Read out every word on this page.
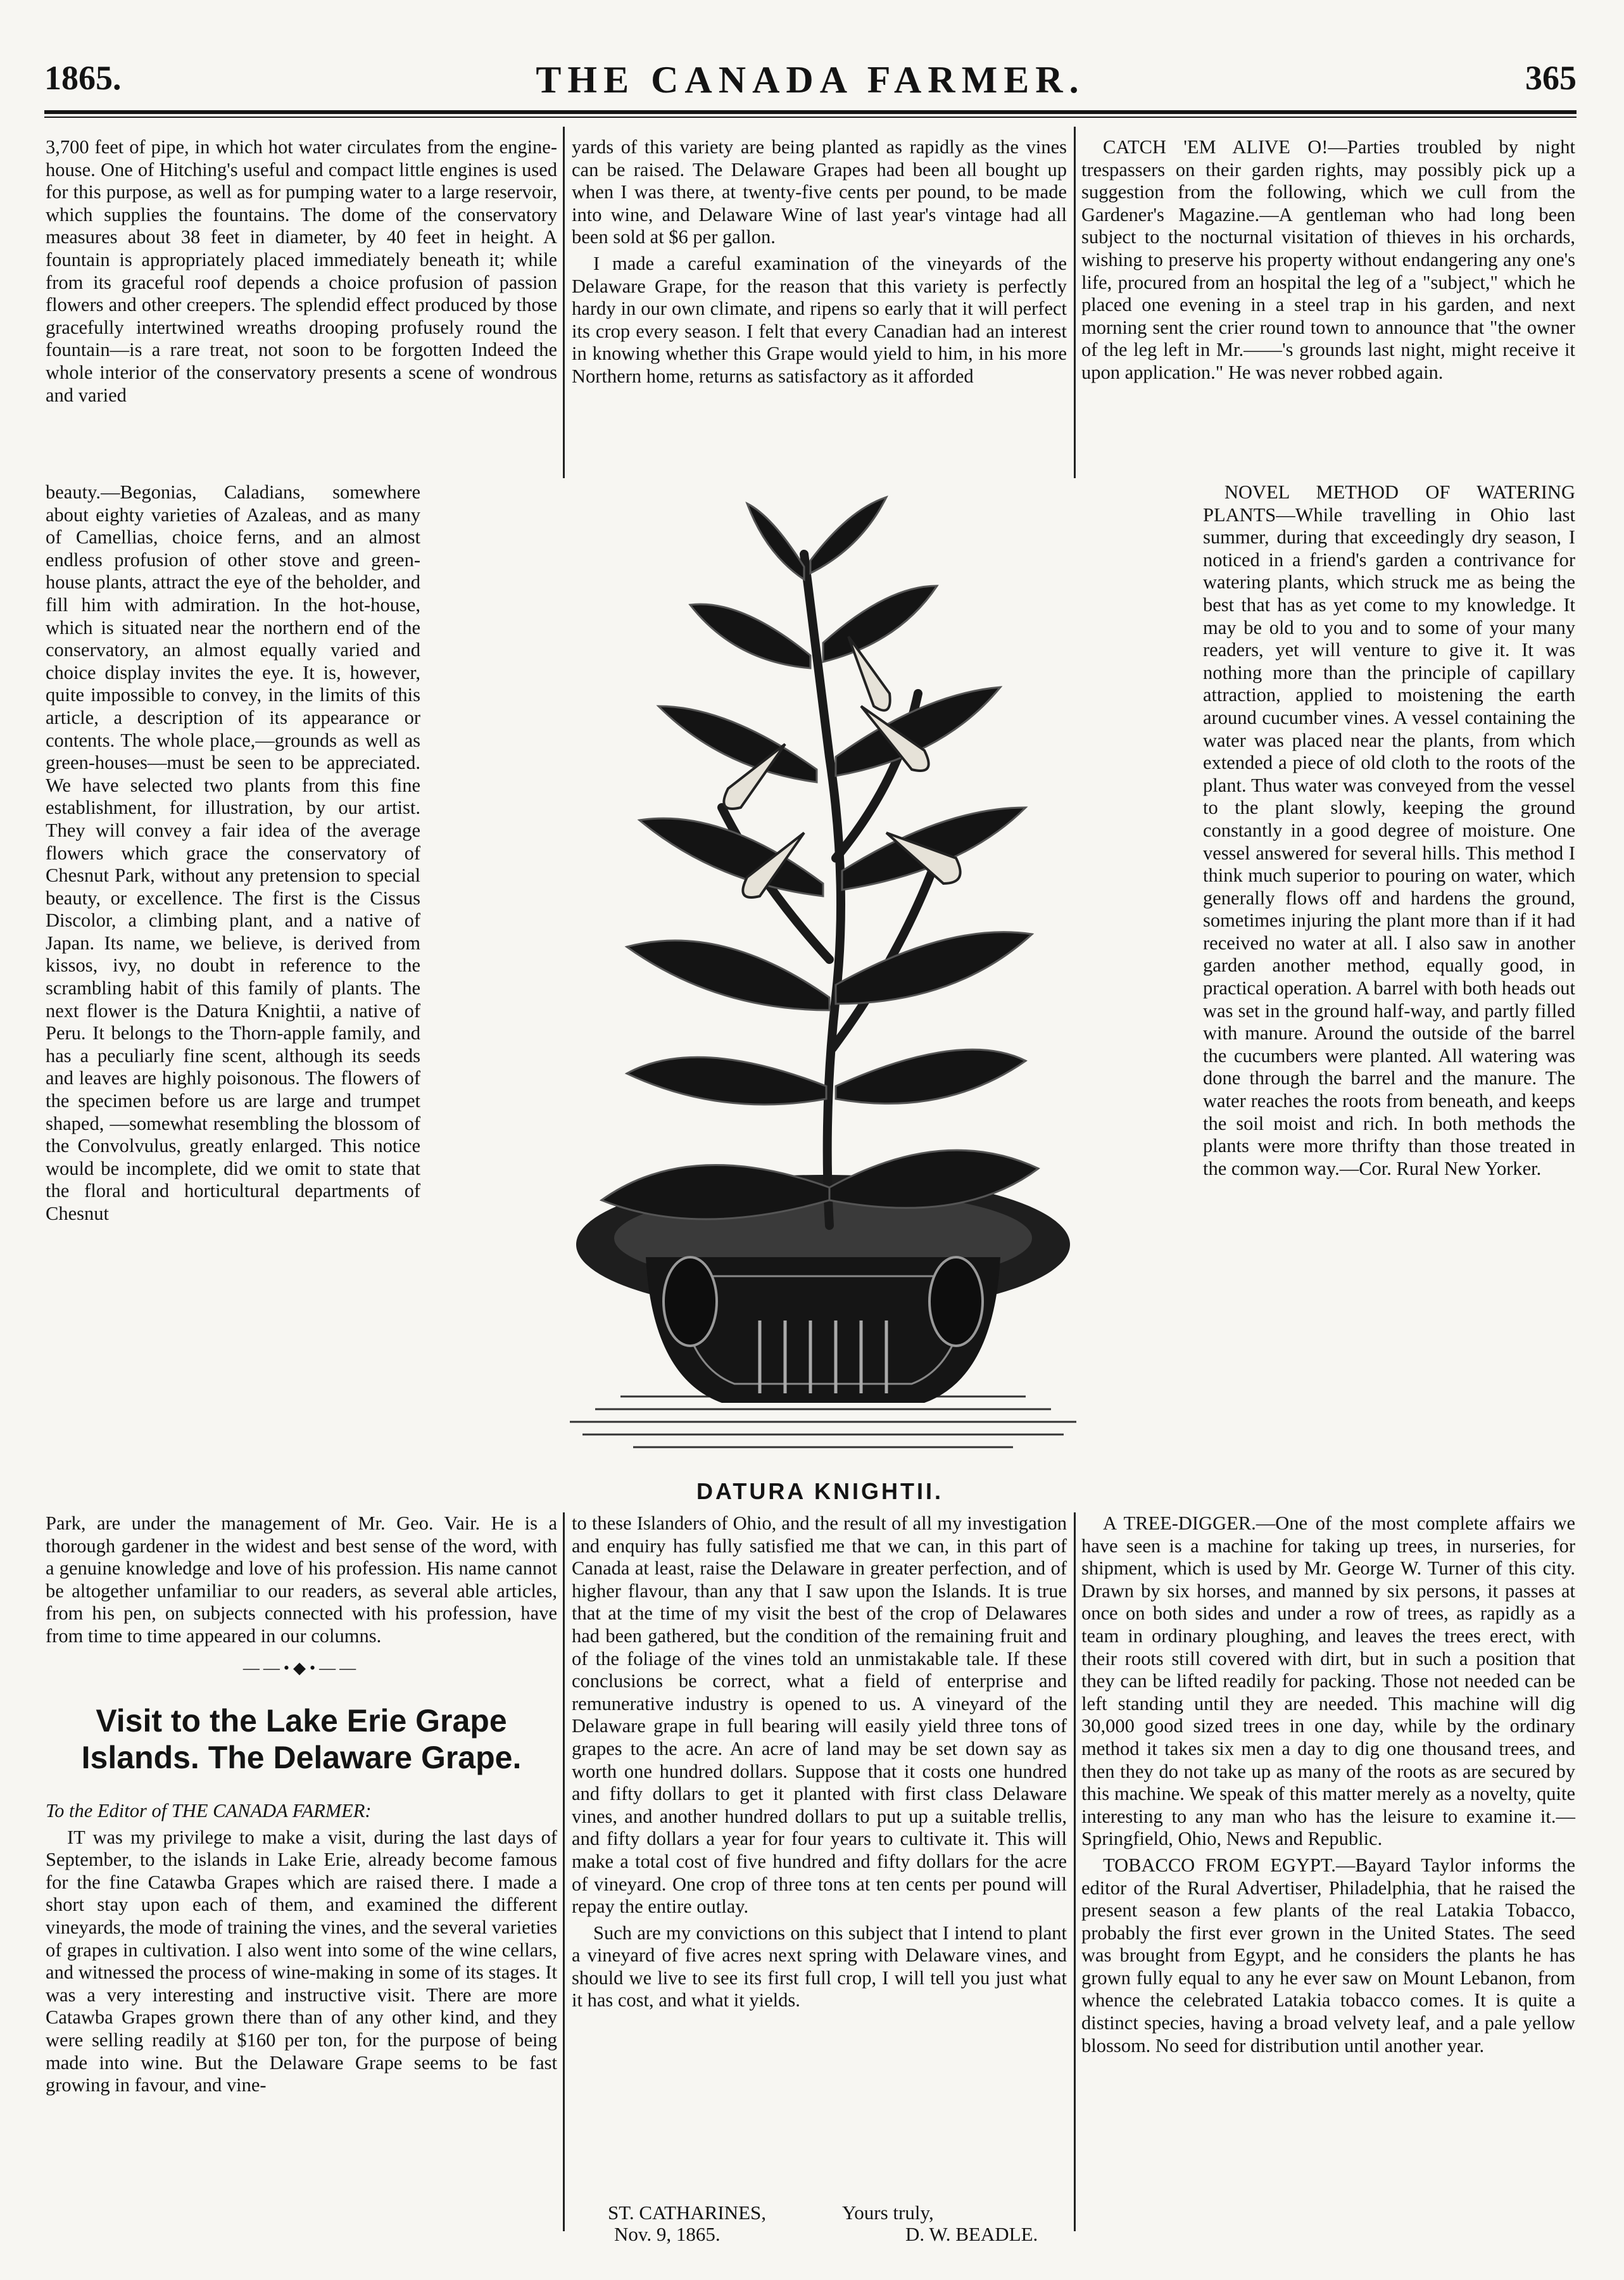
1865.	THE CANADA FARMER.	365

3,700 feet of pipe, in which hot water circulates from the engine-house. One of Hitching's useful and compact little engines is used for this purpose, as well as for pumping water to a large reservoir, which supplies the fountains. The dome of the conservatory measures about 38 feet in diameter, by 40 feet in height. A fountain is appropriately placed immediately beneath it; while from its graceful roof depends a choice profusion of passion flowers and other creepers. The splendid effect produced by those gracefully intertwined wreaths drooping profusely round the fountain—is a rare treat, not soon to be forgotten Indeed the whole interior of the conservatory presents a scene of wondrous and varied

beauty.—Begonias, Caladians, somewhere about eighty varieties of Azaleas, and as many of Camellias, choice ferns, and an almost endless profusion of other stove and green-house plants, attract the eye of the beholder, and fill him with admiration. In the hot-house, which is situated near the northern end of the conservatory, an almost equally varied and choice display invites the eye. It is, however, quite impossible to convey, in the limits of this article, a description of its appearance or contents. The whole place,—grounds as well as green-houses—must be seen to be appreciated. We have selected two plants from this fine establishment, for illustration, by our artist. They will convey a fair idea of the average flowers which grace the conservatory of Chesnut Park, without any pretension to special beauty, or excellence. The first is the Cissus Discolor, a climbing plant, and a native of Japan. Its name, we believe, is derived from kissos, ivy, no doubt in reference to the scrambling habit of this family of plants. The next flower is the Datura Knightii, a native of Peru. It belongs to the Thorn-apple family, and has a peculiarly fine scent, although its seeds and leaves are highly poisonous. The flowers of the specimen before us are large and trumpet shaped, —somewhat resembling the blossom of the Convolvulus, greatly enlarged. This notice would be incomplete, did we omit to state that the floral and horticultural departments of Chesnut

Park, are under the management of Mr. Geo. Vair. He is a thorough gardener in the widest and best sense of the word, with a genuine knowledge and love of his profession. His name cannot be altogether unfamiliar to our readers, as several able articles, from his pen, on subjects connected with his profession, have from time to time appeared in our columns.

——•◆•——
Visit to the Lake Erie Grape Islands. The Delaware Grape.

To the Editor of THE CANADA FARMER:

IT was my privilege to make a visit, during the last days of September, to the islands in Lake Erie, already become famous for the fine Catawba Grapes which are raised there. I made a short stay upon each of them, and examined the different vineyards, the mode of training the vines, and the several varieties of grapes in cultivation. I also went into some of the wine cellars, and witnessed the process of wine-making in some of its stages. It was a very interesting and instructive visit. There are more Catawba Grapes grown there than of any other kind, and they were selling readily at $160 per ton, for the purpose of being made into wine. But the Delaware Grape seems to be fast growing in favour, and vine-

yards of this variety are being planted as rapidly as the vines can be raised. The Delaware Grapes had been all bought up when I was there, at twenty-five cents per pound, to be made into wine, and Delaware Wine of last year's vintage had all been sold at $6 per gallon.

I made a careful examination of the vineyards of the Delaware Grape, for the reason that this variety is perfectly hardy in our own climate, and ripens so early that it will perfect its crop every season. I felt that every Canadian had an interest in knowing whether this Grape would yield to him, in his more Northern home, returns as satisfactory as it afforded

DATURA KNIGHTII.

to these Islanders of Ohio, and the result of all my investigation and enquiry has fully satisfied me that we can, in this part of Canada at least, raise the Delaware in greater perfection, and of higher flavour, than any that I saw upon the Islands. It is true that at the time of my visit the best of the crop of Delawares had been gathered, but the condition of the remaining fruit and of the foliage of the vines told an unmistakable tale. If these conclusions be correct, what a field of enterprise and remunerative industry is opened to us. A vineyard of the Delaware grape in full bearing will easily yield three tons of grapes to the acre. An acre of land may be set down say as worth one hundred dollars. Suppose that it costs one hundred and fifty dollars to get it planted with first class Delaware vines, and another hundred dollars to put up a suitable trellis, and fifty dollars a year for four years to cultivate it. This will make a total cost of five hundred and fifty dollars for the acre of vineyard. One crop of three tons at ten cents per pound will repay the entire outlay.

Such are my convictions on this subject that I intend to plant a vineyard of five acres next spring with Delaware vines, and should we live to see its first full crop, I will tell you just what it has cost, and what it yields.

ST. CATHARINES,
Nov. 9, 1865.
Yours truly,
D. W. BEADLE.

CATCH 'EM ALIVE O!—Parties troubled by night trespassers on their garden rights, may possibly pick up a suggestion from the following, which we cull from the Gardener's Magazine.—A gentleman who had long been subject to the nocturnal visitation of thieves in his orchards, wishing to preserve his property without endangering any one's life, procured from an hospital the leg of a "subject," which he placed one evening in a steel trap in his garden, and next morning sent the crier round town to announce that "the owner of the leg left in Mr.——'s grounds last night, might receive it upon application." He was never robbed again.

NOVEL METHOD OF WATERING PLANTS—While travelling in Ohio last summer, during that exceedingly dry season, I noticed in a friend's garden a contrivance for watering plants, which struck me as being the best that has as yet come to my knowledge. It may be old to you and to some of your many readers, yet will venture to give it. It was nothing more than the principle of capillary attraction, applied to moistening the earth around cucumber vines. A vessel containing the water was placed near the plants, from which extended a piece of old cloth to the roots of the plant. Thus water was conveyed from the vessel to the plant slowly, keeping the ground constantly in a good degree of moisture. One vessel answered for several hills. This method I think much superior to pouring on water, which generally flows off and hardens the ground, sometimes injuring the plant more than if it had received no water at all. I also saw in another garden another method, equally good, in practical operation. A barrel with both heads out was set in the ground half-way, and partly filled with manure. Around the outside of the barrel the cucumbers were planted. All watering was done through the barrel and the manure. The water reaches the roots from beneath, and keeps the soil moist and rich. In both methods the plants were more thrifty than those treated in the common way.—Cor. Rural New Yorker.

A TREE-DIGGER.—One of the most complete affairs we have seen is a machine for taking up trees, in nurseries, for shipment, which is used by Mr. George W. Turner of this city. Drawn by six horses, and manned by six persons, it passes at once on both sides and under a row of trees, as rapidly as a team in ordinary ploughing, and leaves the trees erect, with their roots still covered with dirt, but in such a position that they can be lifted readily for packing. Those not needed can be left standing until they are needed. This machine will dig 30,000 good sized trees in one day, while by the ordinary method it takes six men a day to dig one thousand trees, and then they do not take up as many of the roots as are secured by this machine. We speak of this matter merely as a novelty, quite interesting to any man who has the leisure to examine it.—Springfield, Ohio, News and Republic.

TOBACCO FROM EGYPT.—Bayard Taylor informs the editor of the Rural Advertiser, Philadelphia, that he raised the present season a few plants of the real Latakia Tobacco, probably the first ever grown in the United States. The seed was brought from Egypt, and he considers the plants he has grown fully equal to any he ever saw on Mount Lebanon, from whence the celebrated Latakia tobacco comes. It is quite a distinct species, having a broad velvety leaf, and a pale yellow blossom. No seed for distribution until another year.
